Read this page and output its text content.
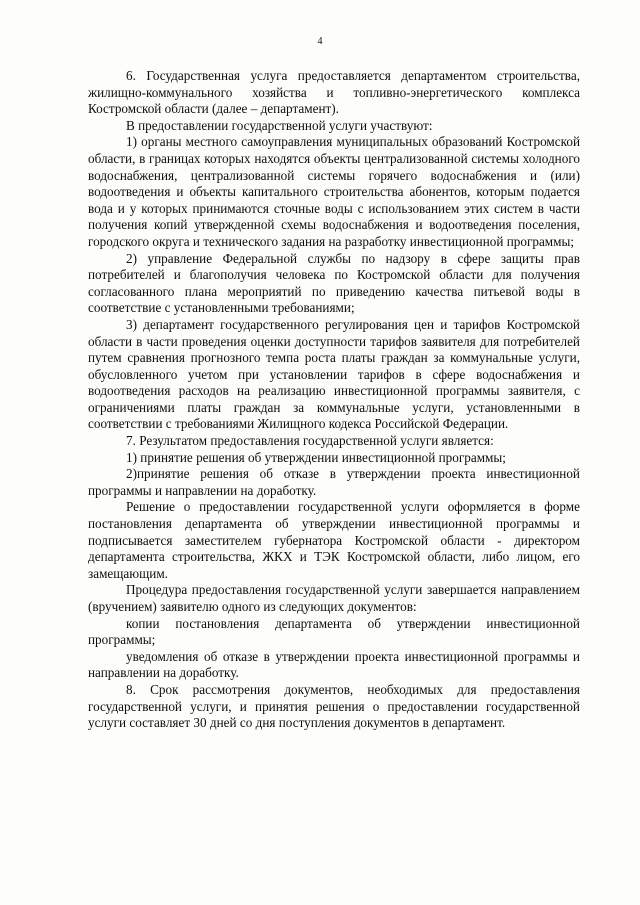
4

6. Государственная услуга предоставляется департаментом строительства, жилищно-коммунального хозяйства и топливно-энергетического комплекса Костромской области (далее – департамент).

В предоставлении государственной услуги участвуют:

1) органы местного самоуправления муниципальных образований Костромской области, в границах которых находятся объекты централизованной системы холодного водоснабжения, централизованной системы горячего водоснабжения и (или) водоотведения и объекты капитального строительства абонентов, которым подается вода и у которых принимаются сточные воды с использованием этих систем в части получения копий утвержденной схемы водоснабжения и водоотведения поселения, городского округа и технического задания на разработку инвестиционной программы;

2) управление Федеральной службы по надзору в сфере защиты прав потребителей и благополучия человека по Костромской области для получения согласованного плана мероприятий по приведению качества питьевой воды в соответствие с установленными требованиями;

3) департамент государственного регулирования цен и тарифов Костромской области в части проведения оценки доступности тарифов заявителя для потребителей путем сравнения прогнозного темпа роста платы граждан за коммунальные услуги, обусловленного учетом при установлении тарифов в сфере водоснабжения и водоотведения расходов на реализацию инвестиционной программы заявителя, с ограничениями платы граждан за коммунальные услуги, установленными в соответствии с требованиями Жилищного кодекса Российской Федерации.

7. Результатом предоставления государственной услуги является:

1) принятие решения об утверждении инвестиционной программы;

2)принятие решения об отказе в утверждении проекта инвестиционной программы и направлении на доработку.

Решение о предоставлении государственной услуги оформляется в форме постановления департамента об утверждении инвестиционной программы и подписывается заместителем губернатора Костромской области - директором департамента строительства, ЖКХ и ТЭК Костромской области, либо лицом, его замещающим.

Процедура предоставления государственной услуги завершается направлением (вручением) заявителю одного из следующих документов:

копии постановления департамента об утверждении инвестиционной программы;

уведомления об отказе в утверждении проекта инвестиционной программы и направлении на доработку.

8. Срок рассмотрения документов, необходимых для предоставления государственной услуги, и принятия решения о предоставлении государственной услуги составляет 30 дней со дня поступления документов в департамент.
